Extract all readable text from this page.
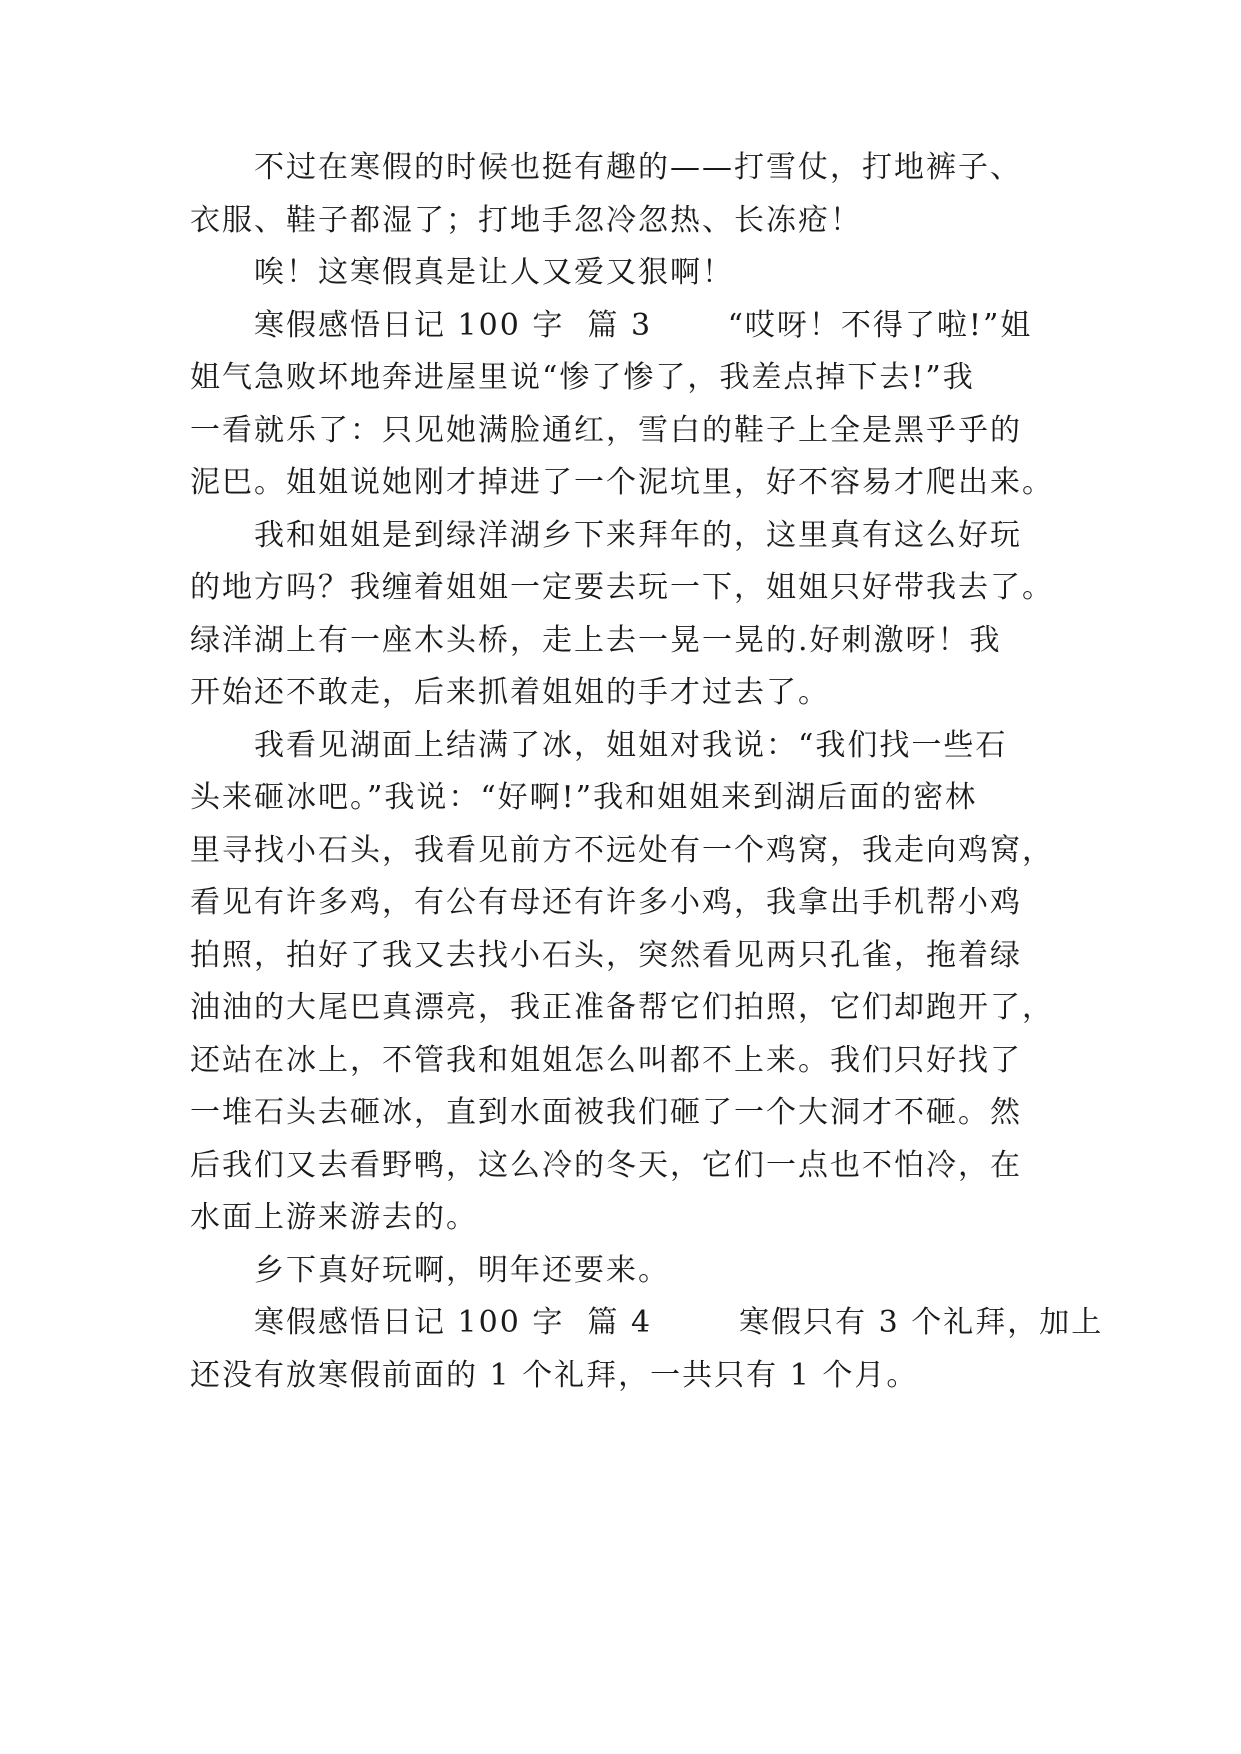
　　不过在寒假的时候也挺有趣的——打雪仗，打地裤子、
衣服、鞋子都湿了；打地手忽冷忽热、长冻疮！
　　唉！这寒假真是让人又爱又狠啊！
　　寒假感悟日记 100 字  篇 3　　 “哎呀！不得了啦!”姐
姐气急败坏地奔进屋里说“惨了惨了，我差点掉下去!”我
一看就乐了：只见她满脸通红，雪白的鞋子上全是黑乎乎的
泥巴。姐姐说她刚才掉进了一个泥坑里，好不容易才爬出来。
　　我和姐姐是到绿洋湖乡下来拜年的，这里真有这么好玩
的地方吗？我缠着姐姐一定要去玩一下，姐姐只好带我去了。
绿洋湖上有一座木头桥，走上去一晃一晃的.好刺激呀！我
开始还不敢走，后来抓着姐姐的手才过去了。
　　我看见湖面上结满了冰，姐姐对我说：“我们找一些石
头来砸冰吧。”我说：“好啊!”我和姐姐来到湖后面的密林
里寻找小石头，我看见前方不远处有一个鸡窝，我走向鸡窝，
看见有许多鸡，有公有母还有许多小鸡，我拿出手机帮小鸡
拍照，拍好了我又去找小石头，突然看见两只孔雀，拖着绿
油油的大尾巴真漂亮，我正准备帮它们拍照，它们却跑开了，
还站在冰上，不管我和姐姐怎么叫都不上来。我们只好找了
一堆石头去砸冰，直到水面被我们砸了一个大洞才不砸。然
后我们又去看野鸭，这么冷的冬天，它们一点也不怕冷，在
水面上游来游去的。
　　乡下真好玩啊，明年还要来。
　　寒假感悟日记 100 字  篇 4　　  寒假只有 3 个礼拜，加上
还没有放寒假前面的 1 个礼拜，一共只有 1 个月。
